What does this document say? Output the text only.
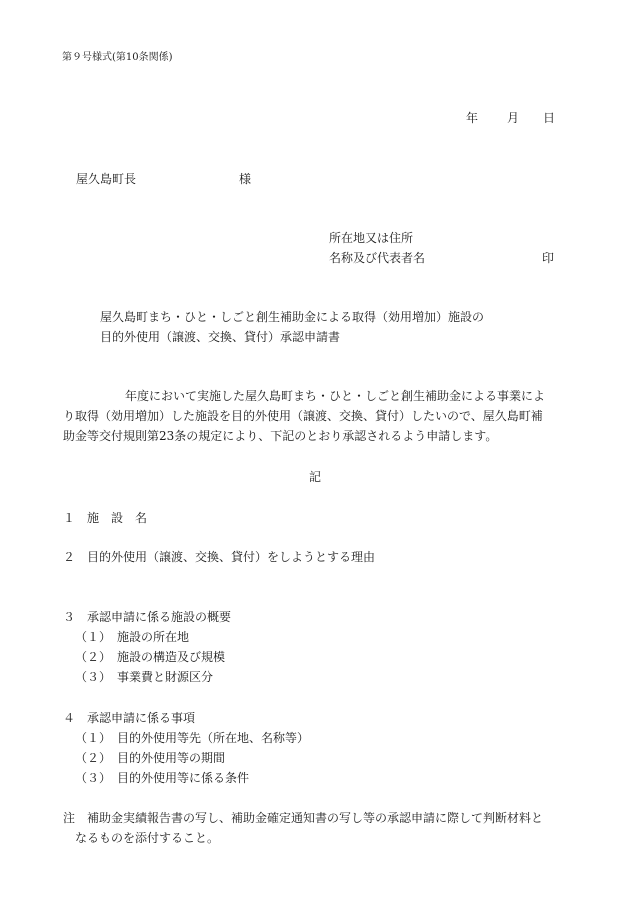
第９号様式(第10条関係)
年 月 日
屋久島町長	様
所在地又は住所
名称及び代表者名	印
屋久島町まち・ひと・しごと創生補助金による取得（効用増加）施設の
目的外使用（譲渡、交換、貸付）承認申請書
年度において実施した屋久島町まち・ひと・しごと創生補助金による事業によ
り取得（効用増加）した施設を目的外使用（譲渡、交換、貸付）したいので、屋久島町補
助金等交付規則第23条の規定により、下記のとおり承認されるよう申請します。
記
１　施　設　名
２　目的外使用（譲渡、交換、貸付）をしようとする理由
３　承認申請に係る施設の概要
（１）　施設の所在地
（２）　施設の構造及び規模
（３）　事業費と財源区分
４　承認申請に係る事項
（１）　目的外使用等先（所在地、名称等）
（２）　目的外使用等の期間
（３）　目的外使用等に係る条件
注　補助金実績報告書の写し、補助金確定通知書の写し等の承認申請に際して判断材料と
　なるものを添付すること。
